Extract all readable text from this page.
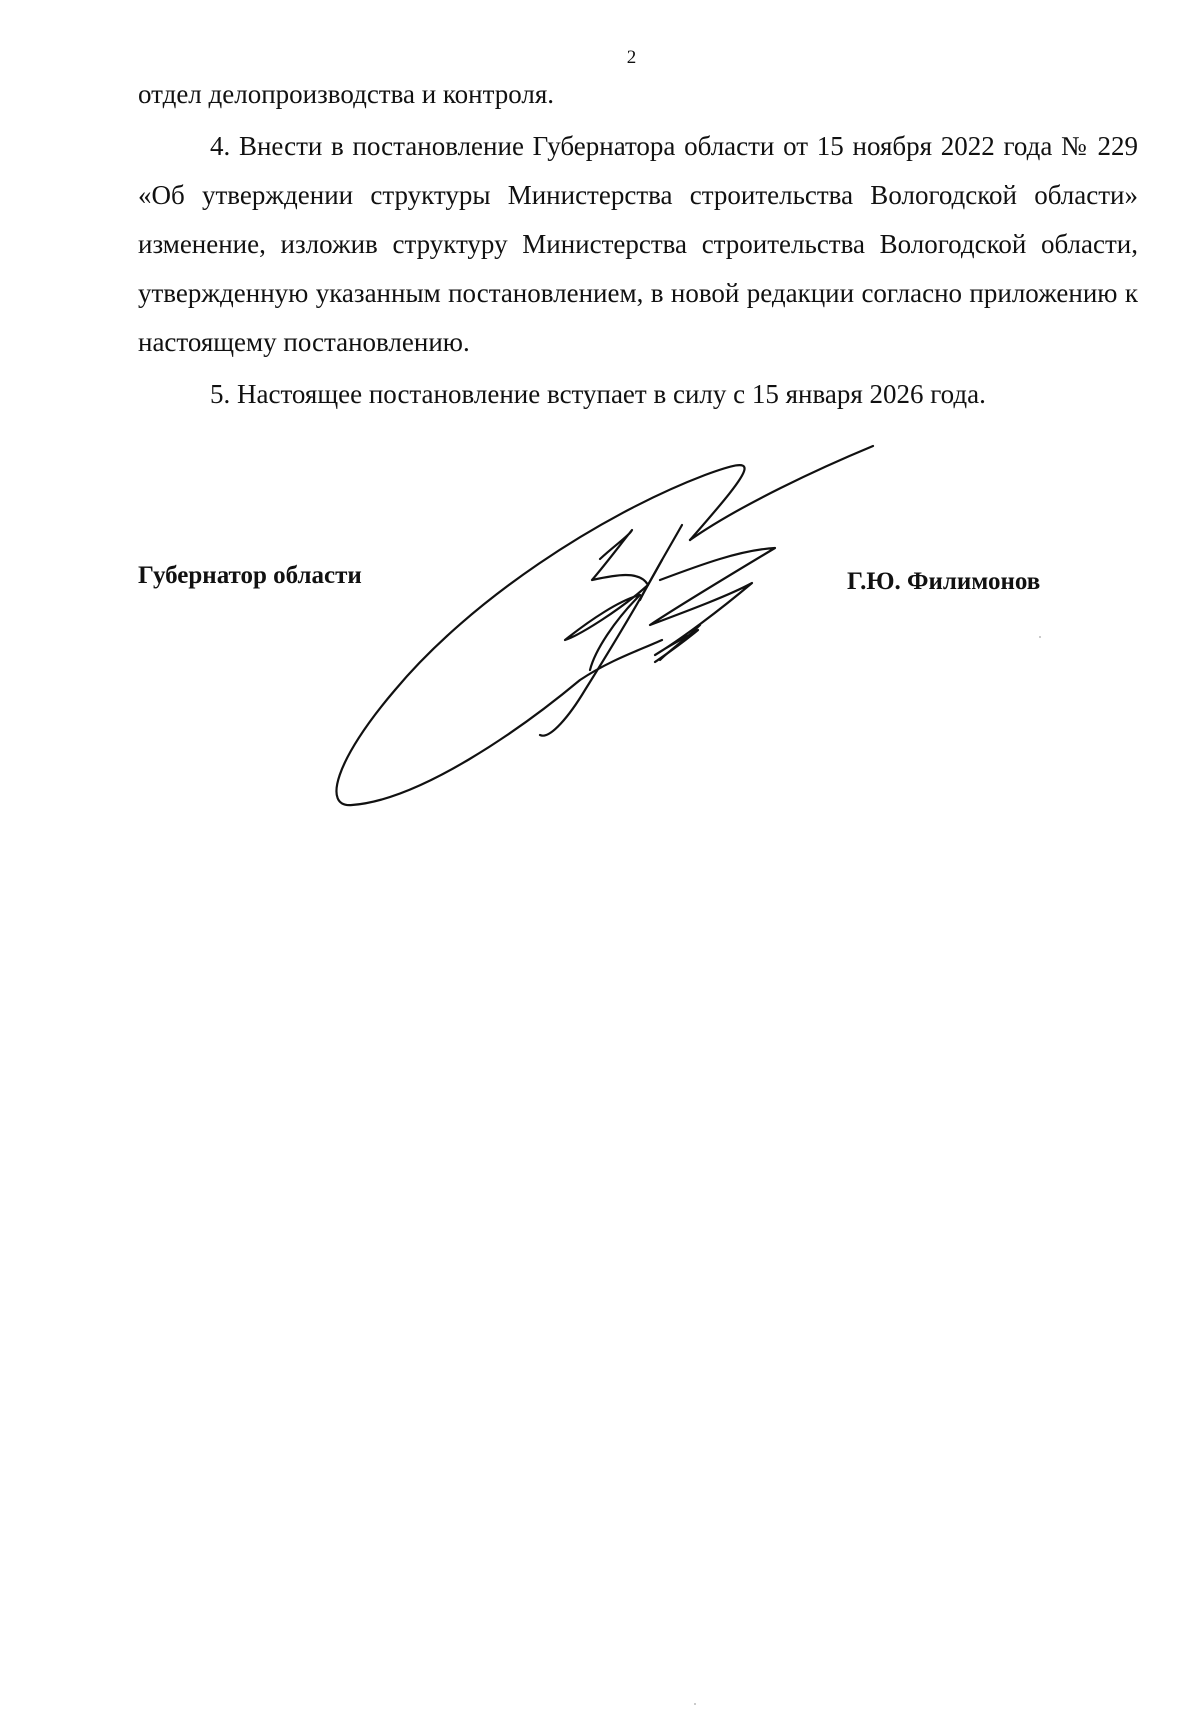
2

отдел делопроизводства и контроля.

4. Внести в постановление Губернатора области от 15 ноября 2022 года № 229 «Об утверждении структуры Министерства строительства Вологодской области» изменение, изложив структуру Министерства строительства Вологодской области, утвержденную указанным постановлением, в новой редакции согласно приложению к настоящему постановлению.

5. Настоящее постановление вступает в силу с 15 января 2026 года.

Губернатор области	Г.Ю. Филимонов
